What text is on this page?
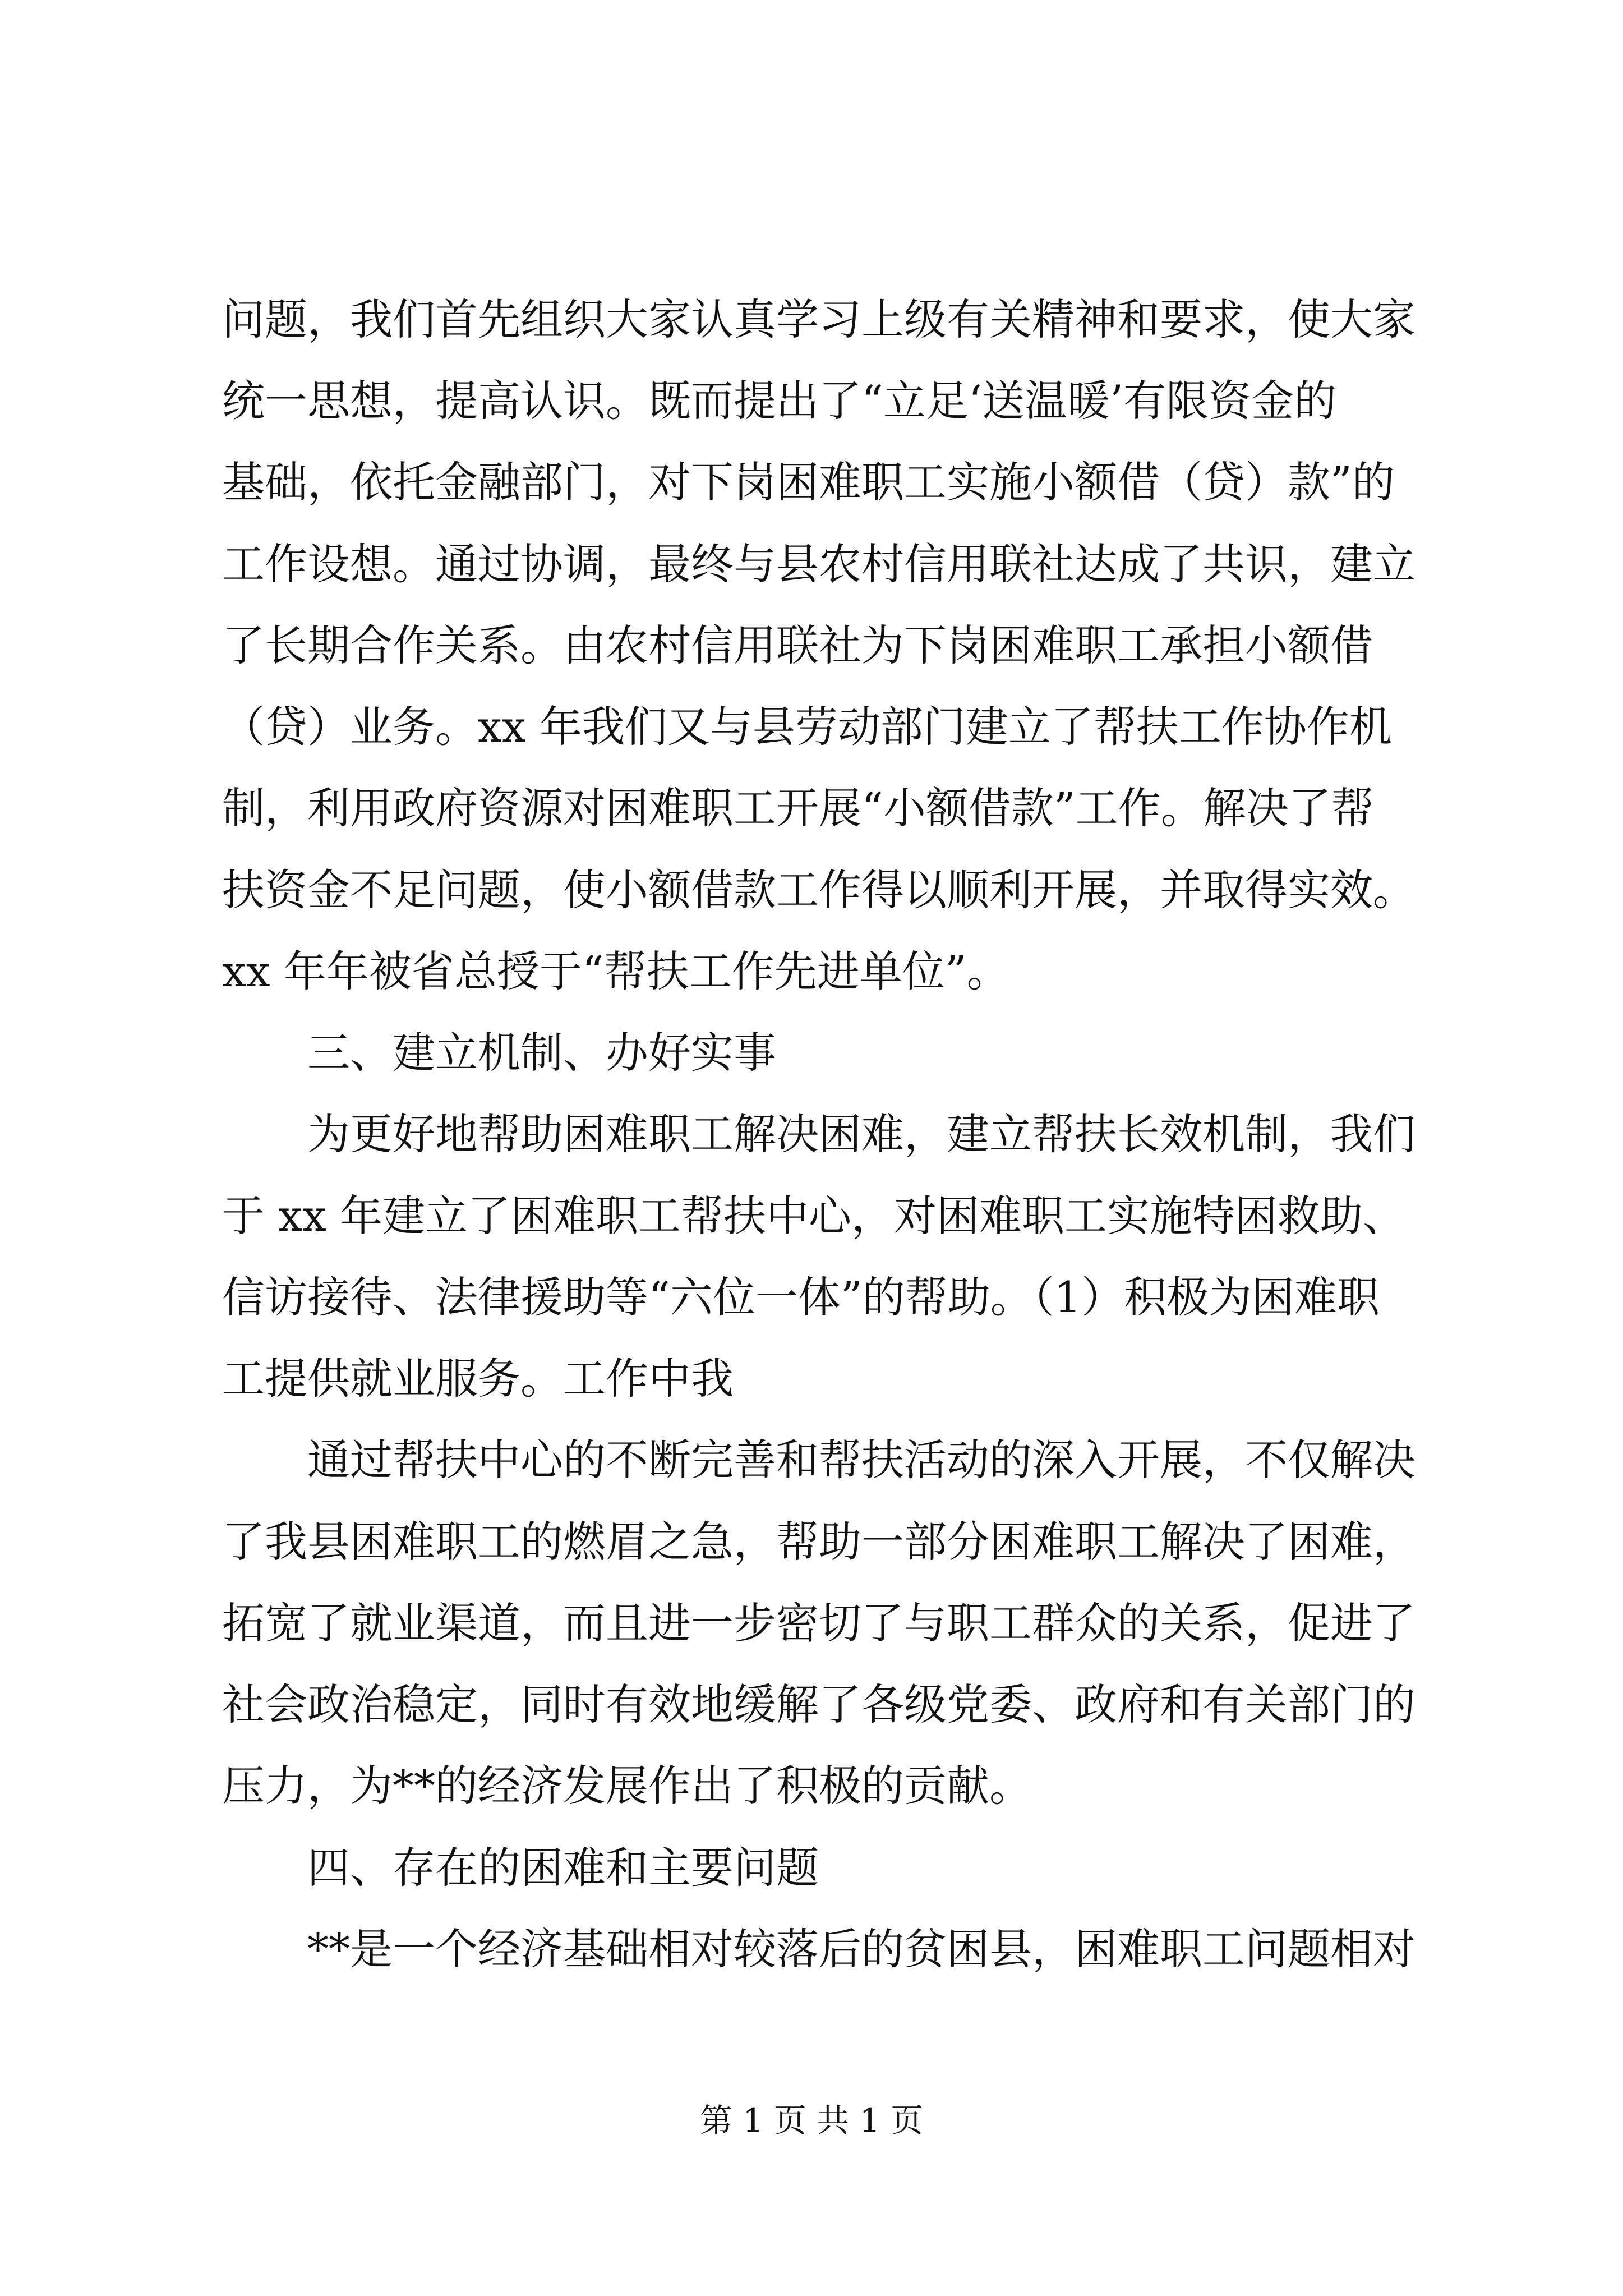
问题，我们首先组织大家认真学习上级有关精神和要求，使大家
统一思想，提高认识。既而提出了“立足‘送温暖’有限资金的
基础，依托金融部门，对下岗困难职工实施小额借（贷）款”的
工作设想。通过协调，最终与县农村信用联社达成了共识，建立
了长期合作关系。由农村信用联社为下岗困难职工承担小额借
（贷）业务。xx 年我们又与县劳动部门建立了帮扶工作协作机
制，利用政府资源对困难职工开展“小额借款”工作。解决了帮
扶资金不足问题，使小额借款工作得以顺利开展，并取得实效。
xx 年年被省总授于“帮扶工作先进单位”。
三、建立机制、办好实事
为更好地帮助困难职工解决困难，建立帮扶长效机制，我们
于 xx 年建立了困难职工帮扶中心，对困难职工实施特困救助、
信访接待、法律援助等“六位一体”的帮助。（1）积极为困难职
工提供就业服务。工作中我
通过帮扶中心的不断完善和帮扶活动的深入开展，不仅解决
了我县困难职工的燃眉之急，帮助一部分困难职工解决了困难，
拓宽了就业渠道，而且进一步密切了与职工群众的关系，促进了
社会政治稳定，同时有效地缓解了各级党委、政府和有关部门的
压力，为**的经济发展作出了积极的贡献。
四、存在的困难和主要问题
**是一个经济基础相对较落后的贫困县，困难职工问题相对
第 1 页 共 1 页
